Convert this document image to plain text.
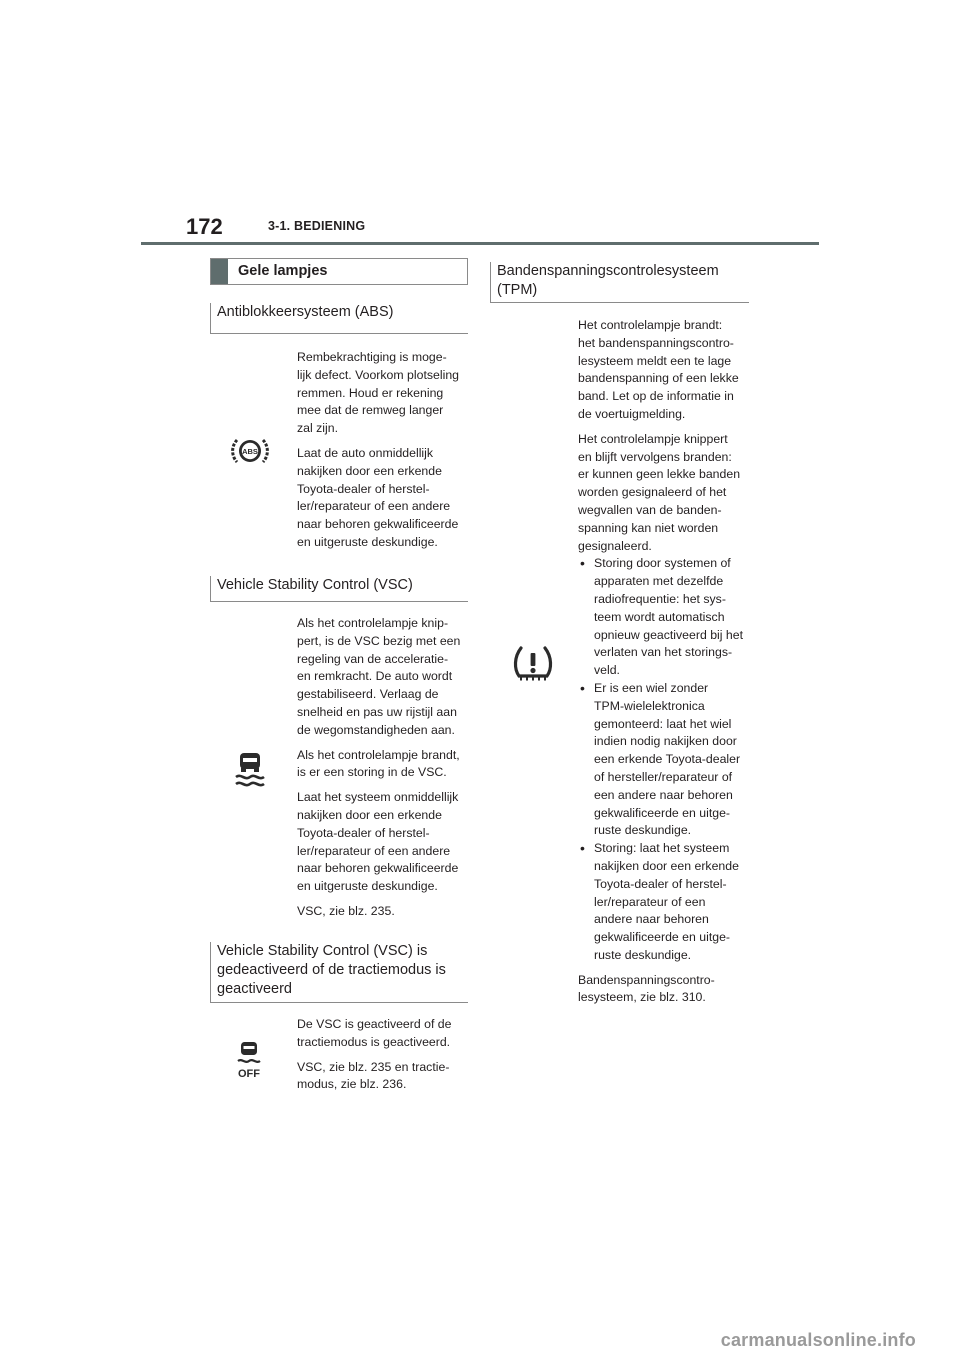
172	3-1. BEDIENING
Gele lampjes
Antiblokkeersysteem (ABS)
ABS

Rembekrachtiging is moge-
lijk defect. Voorkom plotseling
remmen. Houd er rekening
mee dat de remweg langer
zal zijn.

Laat de auto onmiddellijk
nakijken door een erkende
Toyota-dealer of herstel-
ler/reparateur of een andere
naar behoren gekwalificeerde
en uitgeruste deskundige.

Vehicle Stability Control (VSC)

Als het controlelampje knip-
pert, is de VSC bezig met een
regeling van de acceleratie-
en remkracht. De auto wordt
gestabiliseerd. Verlaag de
snelheid en pas uw rijstijl aan
de wegomstandigheden aan.

Als het controlelampje brandt,
is er een storing in de VSC.

Laat het systeem onmiddellijk
nakijken door een erkende
Toyota-dealer of herstel-
ler/reparateur of een andere
naar behoren gekwalificeerde
en uitgeruste deskundige.

VSC, zie blz. 235.

Vehicle Stability Control (VSC) is
gedeactiveerd of de tractiemodus is
geactiveerd
OFF

De VSC is geactiveerd of de
tractiemodus is geactiveerd.

VSC, zie blz. 235 en tractie-
modus, zie blz. 236.

Bandenspanningscontrolesysteem
(TPM)

Het controlelampje brandt:
het bandenspanningscontro-
lesysteem meldt een te lage
bandenspanning of een lekke
band. Let op de informatie in
de voertuigmelding.

Het controlelampje knippert
en blijft vervolgens branden:
er kunnen geen lekke banden
worden gesignaleerd of het
wegvallen van de banden-
spanning kan niet worden
gesignaleerd.

• Storing door systemen of
apparaten met dezelfde
radiofrequentie: het sys-
teem wordt automatisch
opnieuw geactiveerd bij het
verlaten van het storings-
veld.
• Er is een wiel zonder
TPM-wielelektronica
gemonteerd: laat het wiel
indien nodig nakijken door
een erkende Toyota-dealer
of hersteller/reparateur of
een andere naar behoren
gekwalificeerde en uitge-
ruste deskundige.
• Storing: laat het systeem
nakijken door een erkende
Toyota-dealer of herstel-
ler/reparateur of een
andere naar behoren
gekwalificeerde en uitge-
ruste deskundige.

Bandenspanningscontro-
lesysteem, zie blz. 310.

carmanualsonline.info
